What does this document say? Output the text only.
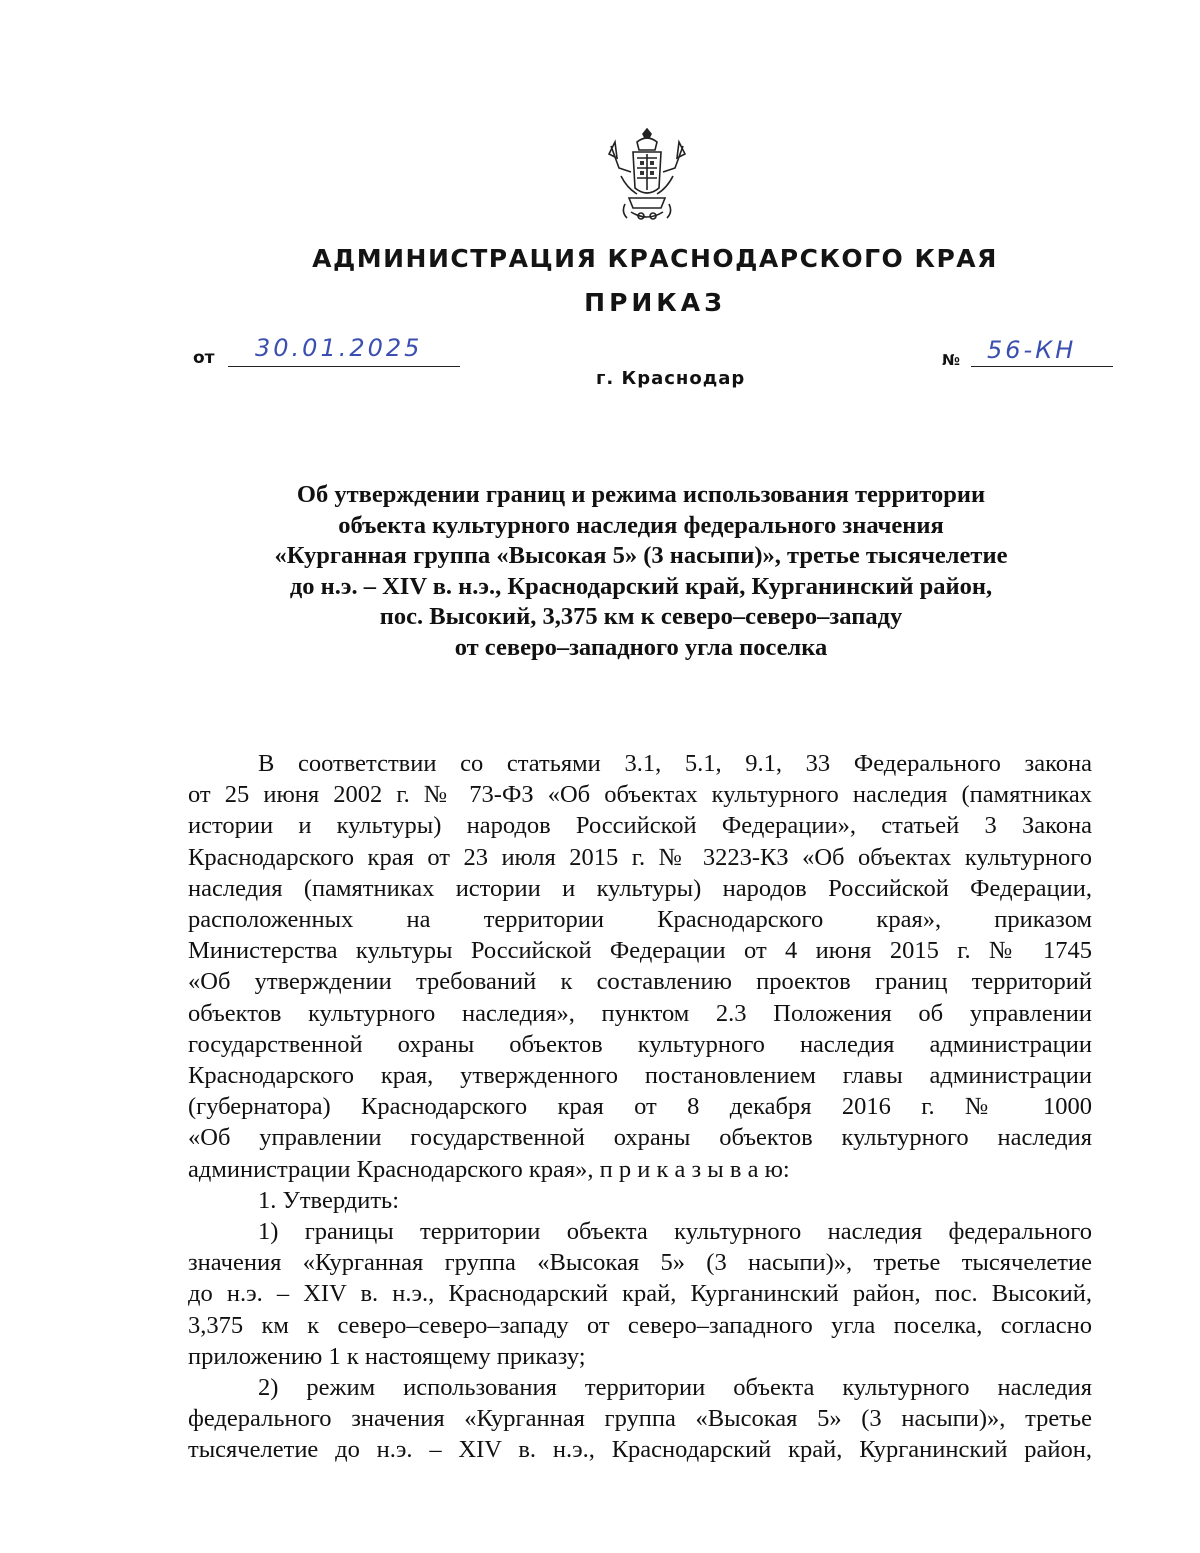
АДМИНИСТРАЦИЯ КРАСНОДАРСКОГО КРАЯ
ПРИКАЗ
от 30.01.2025	№ 56-КН
г. Краснодар
Об утверждении границ и режима использования территории
объекта культурного наследия федерального значения
«Курганная группа «Высокая 5» (3 насыпи)», третье тысячелетие
до н.э. – XIV в. н.э., Краснодарский край, Курганинский район,
пос. Высокий, 3,375 км к северо–северо–западу
от северо–западного угла поселка
В соответствии со статьями 3.1, 5.1, 9.1, 33 Федерального закона
от 25 июня 2002 г. № 73-ФЗ «Об объектах культурного наследия (памятниках
истории и культуры) народов Российской Федерации», статьей 3 Закона
Краснодарского края от 23 июля 2015 г. № 3223-КЗ «Об объектах культурного
наследия (памятниках истории и культуры) народов Российской Федерации,
расположенных на территории Краснодарского края», приказом
Министерства культуры Российской Федерации от 4 июня 2015 г. № 1745
«Об утверждении требований к составлению проектов границ территорий
объектов культурного наследия», пунктом 2.3 Положения об управлении
государственной охраны объектов культурного наследия администрации
Краснодарского края, утвержденного постановлением главы администрации
(губернатора) Краснодарского края от 8 декабря 2016 г. № 1000
«Об управлении государственной охраны объектов культурного наследия
администрации Краснодарского края», п р и к а з ы в а ю:
1. Утвердить:
1) границы территории объекта культурного наследия федерального
значения «Курганная группа «Высокая 5» (3 насыпи)», третье тысячелетие
до н.э. – XIV в. н.э., Краснодарский край, Курганинский район, пос. Высокий,
3,375 км к северо–северо–западу от северо–западного угла поселка, согласно
приложению 1 к настоящему приказу;
2) режим использования территории объекта культурного наследия
федерального значения «Курганная группа «Высокая 5» (3 насыпи)», третье
тысячелетие до н.э. – XIV в. н.э., Краснодарский край, Курганинский район,
